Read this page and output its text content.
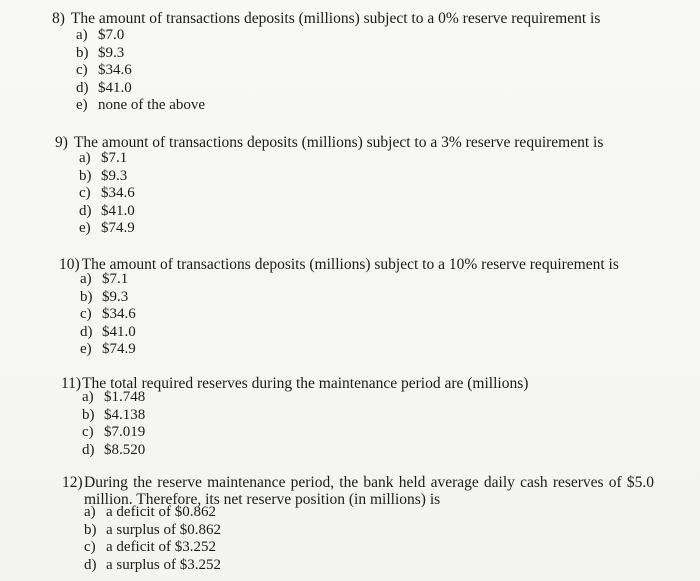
8) The amount of transactions deposits (millions) subject to a 0% reserve requirement is

a) $7.0
b) $9.3
c) $34.6
d) $41.0
e) none of the above

9) The amount of transactions deposits (millions) subject to a 3% reserve requirement is

a) $7.1
b) $9.3
c) $34.6
d) $41.0
e) $74.9

10) The amount of transactions deposits (millions) subject to a 10% reserve requirement is

a) $7.1
b) $9.3
c) $34.6
d) $41.0
e) $74.9

11)The total required reserves during the maintenance period are (millions)

a) $1.748
b) $4.138
c) $7.019
d) $8.520
12) During the reserve maintenance period, the bank held average daily cash reserves of $5.0 million. Therefore, its net reserve position (in millions) is

a) a deficit of $0.862
b) a surplus of $0.862
c) a deficit of $3.252
d) a surplus of $3.252
